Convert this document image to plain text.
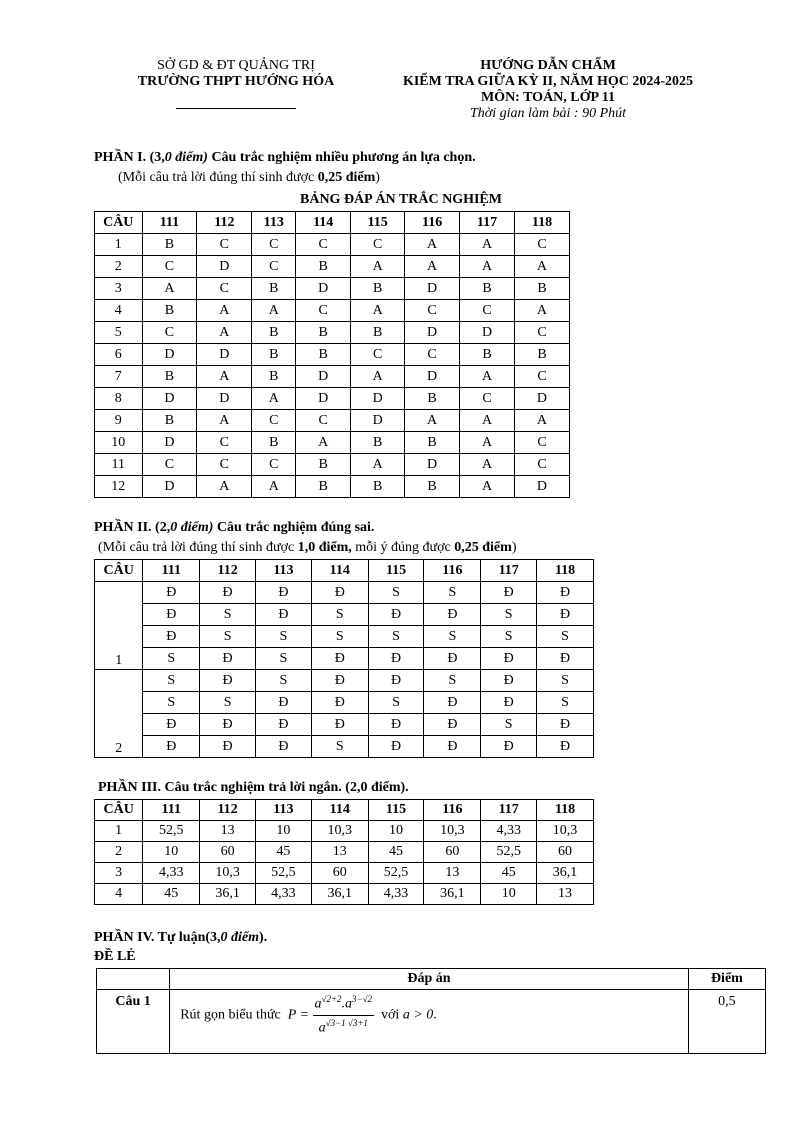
SỞ GD & ĐT QUẢNG TRỊ
TRƯỜNG THPT HƯỚNG HÓA
HƯỚNG DẪN CHẤM
KIỂM TRA GIỮA KỲ II, NĂM HỌC 2024-2025
MÔN: TOÁN, LỚP 11
Thời gian làm bài : 90 Phút
PHẦN I. (3,0 điểm) Câu trắc nghiệm nhiều phương án lựa chọn.
(Mỗi câu trả lời đúng thí sinh được 0,25 điểm)
BẢNG ĐÁP ÁN TRẮC NGHIỆM
CÂU	111	112	113	114	115	116	117	118
1	B	C	C	C	C	A	A	C
2	C	D	C	B	A	A	A	A
3	A	C	B	D	B	D	B	B
4	B	A	A	C	A	C	C	A
5	C	A	B	B	B	D	D	C
6	D	D	B	B	C	C	B	B
7	B	A	B	D	A	D	A	C
8	D	D	A	D	D	B	C	D
9	B	A	C	C	D	A	A	A
10	D	C	B	A	B	B	A	C
11	C	C	C	B	A	D	A	C
12	D	A	A	B	B	B	A	D
PHẦN II. (2,0 điểm) Câu trắc nghiệm đúng sai.
(Mỗi câu trả lời đúng thí sinh được 1,0 điểm, mỗi ý đúng được 0,25 điểm)
CÂU	111	112	113	114	115	116	117	118
1	Đ	Đ	Đ	Đ	S	S	Đ	Đ
	Đ	S	Đ	S	Đ	Đ	S	Đ
	Đ	S	S	S	S	S	S	S
	S	Đ	S	Đ	Đ	Đ	Đ	Đ
2	S	Đ	S	Đ	Đ	S	Đ	S
	S	S	Đ	Đ	S	Đ	Đ	S
	Đ	Đ	Đ	Đ	Đ	Đ	S	Đ
	Đ	Đ	Đ	S	Đ	Đ	Đ	Đ
PHẦN III. Câu trắc nghiệm trả lời ngắn. (2,0 điểm).
CÂU	111	112	113	114	115	116	117	118
1	52,5	13	10	10,3	10	10,3	4,33	10,3
2	10	60	45	13	45	60	52,5	60
3	4,33	10,3	52,5	60	52,5	13	45	36,1
4	45	36,1	4,33	36,1	4,33	36,1	10	13
PHẦN IV. Tự luận(3,0 điểm).
ĐỀ LẺ
	Đáp án	Điểm
Câu 1	Rút gọn biểu thức  $P = \frac{a^{√2+2}.a^{3-√2}}{a^{√3-1} ^{√3+1}}$ với a > 0.	0,5
